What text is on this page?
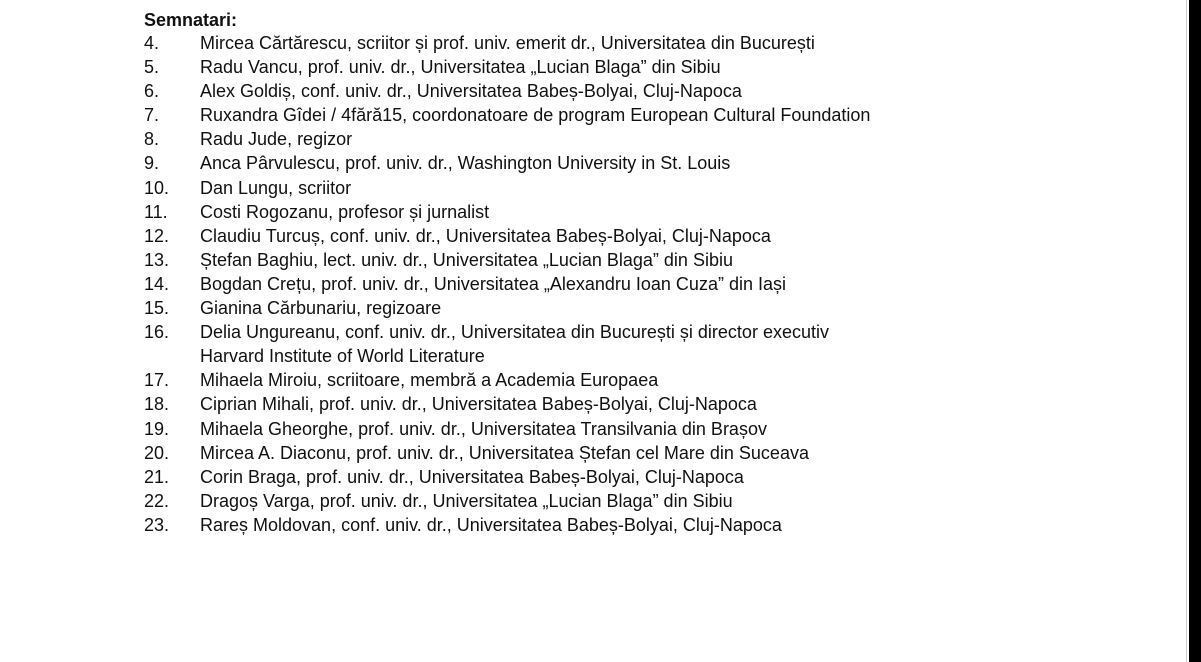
Semnatari:

4.	Mircea Cărtărescu, scriitor și prof. univ. emerit dr., Universitatea din București
5.	Radu Vancu, prof. univ. dr., Universitatea „Lucian Blaga” din Sibiu
6.	Alex Goldiș, conf. univ. dr., Universitatea Babeș-Bolyai, Cluj-Napoca
7.	Ruxandra Gîdei / 4fără15, coordonatoare de program European Cultural Foundation
8.	Radu Jude, regizor
9.	Anca Pârvulescu, prof. univ. dr., Washington University in St. Louis
10.	Dan Lungu, scriitor
11.	Costi Rogozanu, profesor și jurnalist
12.	Claudiu Turcuș, conf. univ. dr., Universitatea Babeș-Bolyai, Cluj-Napoca
13.	Ștefan Baghiu, lect. univ. dr., Universitatea „Lucian Blaga” din Sibiu
14.	Bogdan Crețu, prof. univ. dr., Universitatea „Alexandru Ioan Cuza” din Iași
15.	Gianina Cărbunariu, regizoare
16.	Delia Ungureanu, conf. univ. dr., Universitatea din București și director executiv
Harvard Institute of World Literature
17.	Mihaela Miroiu, scriitoare, membră a Academia Europaea
18.	Ciprian Mihali, prof. univ. dr., Universitatea Babeș-Bolyai, Cluj-Napoca
19.	Mihaela Gheorghe, prof. univ. dr., Universitatea Transilvania din Brașov
20.	Mircea A. Diaconu, prof. univ. dr., Universitatea Ștefan cel Mare din Suceava
21.	Corin Braga, prof. univ. dr., Universitatea Babeș-Bolyai, Cluj-Napoca
22.	Dragoș Varga, prof. univ. dr., Universitatea „Lucian Blaga” din Sibiu
23.	Rareș Moldovan, conf. univ. dr., Universitatea Babeș-Bolyai, Cluj-Napoca
